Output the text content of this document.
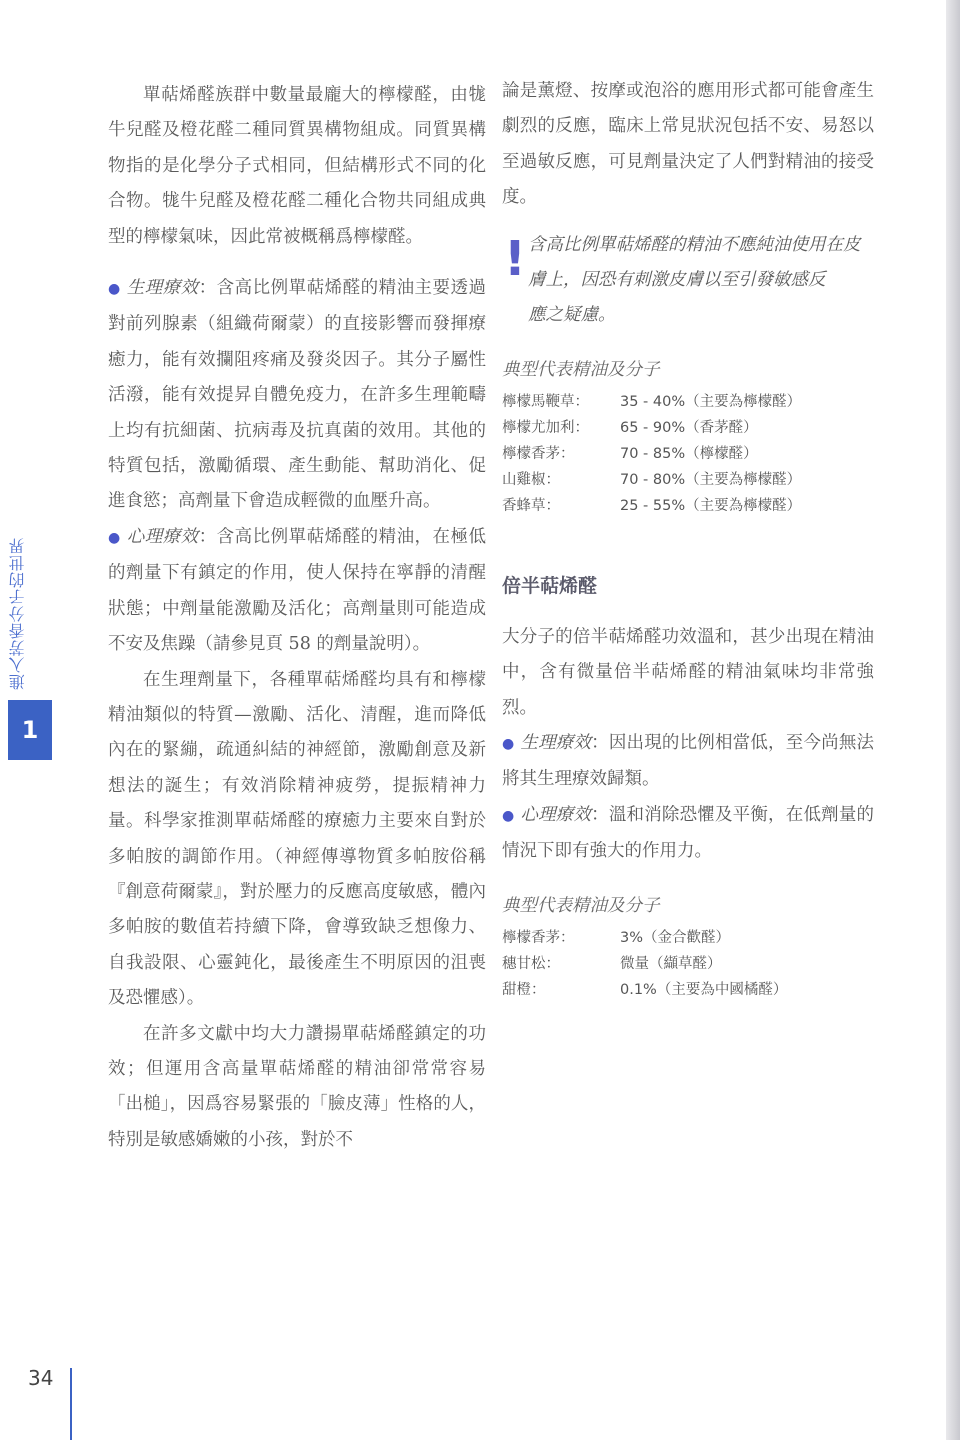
進入芳香分子的世界
1

單萜烯醛族群中數量最龐大的檸檬醛，由牻牛兒醛及橙花醛二種同質異構物組成。同質異構物指的是化學分子式相同，但結構形式不同的化合物。牻牛兒醛及橙花醛二種化合物共同組成典型的檸檬氣味，因此常被概稱爲檸檬醛。

● 生理療效：含高比例單萜烯醛的精油主要透過對前列腺素（組織荷爾蒙）的直接影響而發揮療癒力，能有效攔阻疼痛及發炎因子。其分子屬性活潑，能有效提昇自體免疫力，在許多生理範疇上均有抗細菌、抗病毒及抗真菌的效用。其他的特質包括，激勵循環、產生動能、幫助消化、促進食慾；高劑量下會造成輕微的血壓升高。

● 心理療效：含高比例單萜烯醛的精油，在極低的劑量下有鎮定的作用，使人保持在寧靜的清醒狀態；中劑量能激勵及活化；高劑量則可能造成不安及焦躁（請參見頁 58 的劑量說明）。

在生理劑量下，各種單萜烯醛均具有和檸檬精油類似的特質—激勵、活化、清醒，進而降低內在的緊繃，疏通糾結的神經節，激勵創意及新想法的誕生；有效消除精神疲勞，提振精神力量。科學家推測單萜烯醛的療癒力主要來自對於多帕胺的調節作用。（神經傳導物質多帕胺俗稱『創意荷爾蒙』，對於壓力的反應高度敏感，體內多帕胺的數值若持續下降，會導致缺乏想像力、自我設限、心靈鈍化，最後產生不明原因的沮喪及恐懼感）。

在許多文獻中均大力讚揚單萜烯醛鎮定的功效；但運用含高量單萜烯醛的精油卻常常容易「出槌」，因爲容易緊張的「臉皮薄」性格的人，特別是敏感嬌嫩的小孩，對於不

論是薰燈、按摩或泡浴的應用形式都可能會產生劇烈的反應，臨床上常見狀況包括不安、易怒以至過敏反應，可見劑量決定了人們對精油的接受度。

! 含高比例單萜烯醛的精油不應純油使用在皮膚上，因恐有刺激皮膚以至引發敏感反

應之疑慮。

典型代表精油及分子
檸檬馬鞭草：	35 - 40%（主要為檸檬醛）
檸檬尤加利：	65 - 90%（香茅醛）
檸檬香茅：	70 - 85%（檸檬醛）
山雞椒：	70 - 80%（主要為檸檬醛）
香蜂草：	25 - 55%（主要為檸檬醛）
倍半萜烯醛

大分子的倍半萜烯醛功效溫和，甚少出現在精油中，含有微量倍半萜烯醛的精油氣味均非常強烈。

● 生理療效：因出現的比例相當低，至今尚無法將其生理療效歸類。

● 心理療效：溫和消除恐懼及平衡，在低劑量的情況下即有強大的作用力。

典型代表精油及分子
檸檬香茅：	3%（金合歡醛）
穗甘松：	微量（纈草醛）
甜橙：	0.1%（主要為中國橘醛）
34
